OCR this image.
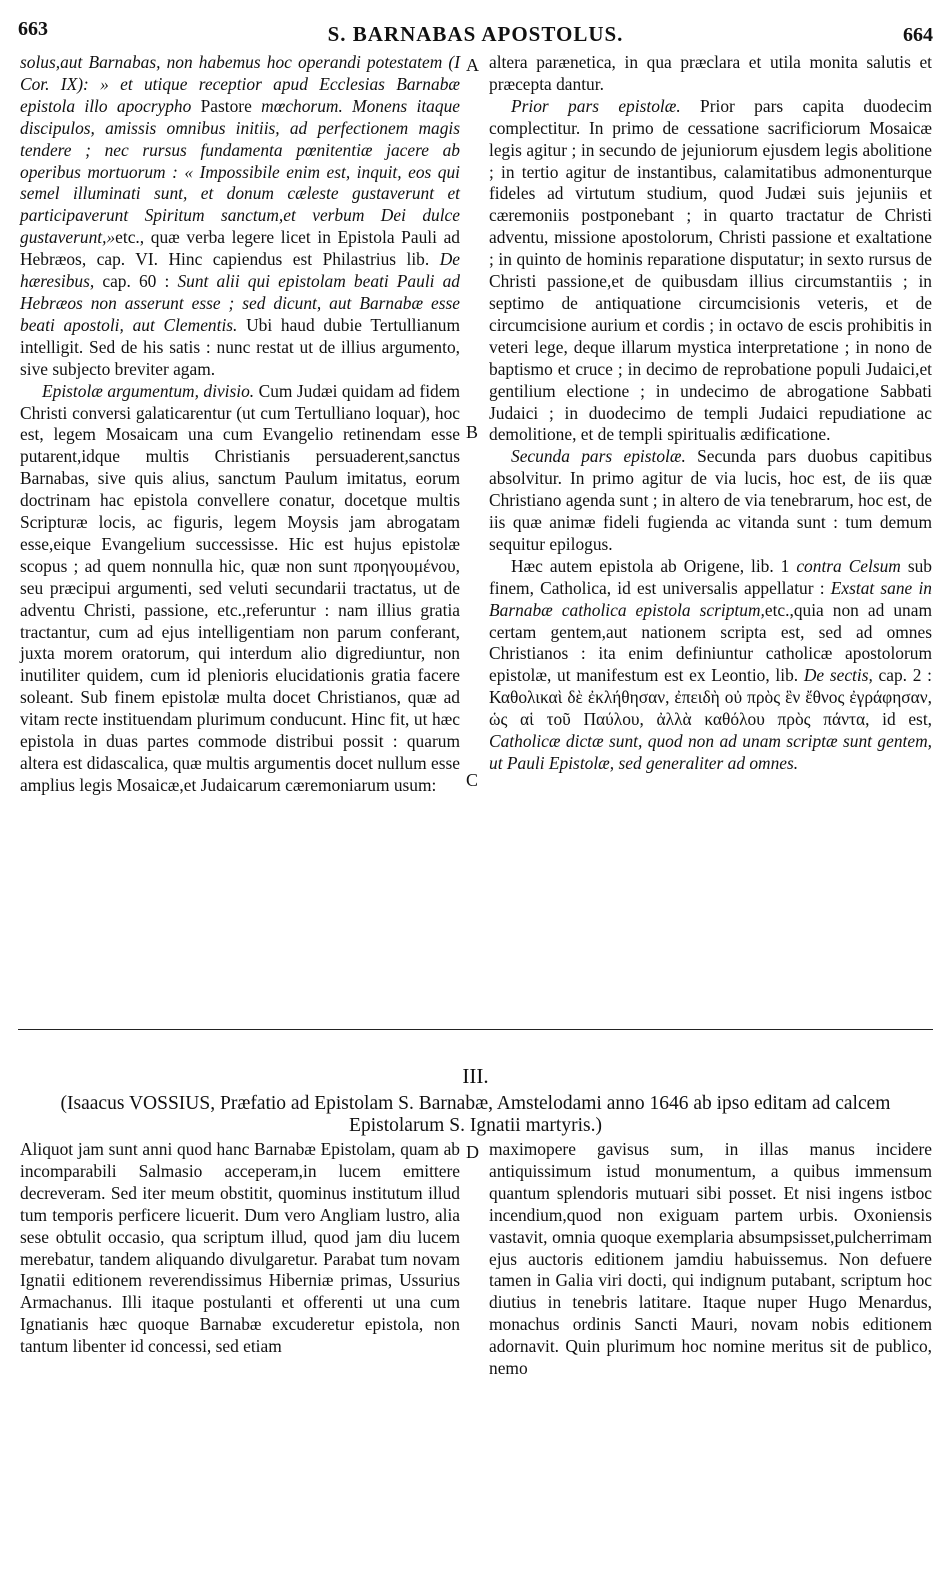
663	S. BARNABAS APOSTOLUS.	664

solus,aut Barnabas, non habemus hoc operandi potestatem (I Cor. IX): » et utique receptior apud Ecclesias Barnabæ epistola illo apocrypho Pastore mœchorum. Monens itaque discipulos, amissis omnibus initiis, ad perfectionem magis tendere ; nec rursus fundamenta pœnitentiæ jacere ab operibus mortuorum : « Impossibile enim est, inquit, eos qui semel illuminati sunt, et donum cæleste gustaverunt et participaverunt Spiritum sanctum,et verbum Dei dulce gustaverunt,»etc., quæ verba legere licet in Epistola Pauli ad Hebræos, cap. VI. Hinc capiendus est Philastrius lib. De hæresibus, cap. 60 : Sunt alii qui epistolam beati Pauli ad Hebræos non asserunt esse ; sed dicunt, aut Barnabæ esse beati apostoli, aut Clementis. Ubi haud dubie Tertullianum intelligit. Sed de his satis : nunc restat ut de illius argumento, sive subjecto breviter agam.

Epistolæ argumentum, divisio. Cum Judæi quidam ad fidem Christi conversi galaticarentur (ut cum Tertulliano loquar), hoc est, legem Mosaicam una cum Evangelio retinendam esse putarent,idque multis Christianis persuaderent,sanctus Barnabas, sive quis alius, sanctum Paulum imitatus, eorum doctrinam hac epistola convellere conatur, docetque multis Scripturæ locis, ac figuris, legem Moysis jam abrogatam esse,eique Evangelium successisse. Hic est hujus epistolæ scopus ; ad quem nonnulla hic, quæ non sunt προηγουμένου, seu præcipui argumenti, sed veluti secundarii tractatus, ut de adventu Christi, passione, etc.,referuntur : nam illius gratia tractantur, cum ad ejus intelligentiam non parum conferant, juxta morem oratorum, qui interdum alio digrediuntur, non inutiliter quidem, cum id plenioris elucidationis gratia facere soleant. Sub finem epistolæ multa docet Christianos, quæ ad vitam recte instituendam plurimum conducunt. Hinc fit, ut hæc epistola in duas partes commode distribui possit : quarum altera est didascalica, quæ multis argumentis docet nullum esse amplius legis Mosaicæ,et Judaicarum cæremoniarum usum:

altera parænetica, in qua præclara et utila monita salutis et præcepta dantur.

Prior pars epistolæ. Prior pars capita duodecim complectitur. In primo de cessatione sacrificiorum Mosaicæ legis agitur ; in secundo de jejuniorum ejusdem legis abolitione ; in tertio agitur de instantibus, calamitatibus admonenturque fideles ad virtutum studium, quod Judæi suis jejuniis et cæremoniis postponebant ; in quarto tractatur de Christi adventu, missione apostolorum, Christi passione et exaltatione ; in quinto de hominis reparatione disputatur; in sexto rursus de Christi passione,et de quibusdam illius circumstantiis ; in septimo de antiquatione circumcisionis veteris, et de circumcisione aurium et cordis ; in octavo de escis prohibitis in veteri lege, deque illarum mystica interpretatione ; in nono de baptismo et cruce ; in decimo de reprobatione populi Judaici,et gentilium electione ; in undecimo de abrogatione Sabbati Judaici ; in duodecimo de templi Judaici repudiatione ac demolitione, et de templi spiritualis ædificatione.

Secunda pars epistolæ. Secunda pars duobus capitibus absolvitur. In primo agitur de via lucis, hoc est, de iis quæ Christiano agenda sunt ; in altero de via tenebrarum, hoc est, de iis quæ animæ fideli fugienda ac vitanda sunt : tum demum sequitur epilogus.

Hæc autem epistola ab Origene, lib. 1 contra Celsum sub finem, Catholica, id est universalis appellatur : Exstat sane in Barnabæ catholica epistola scriptum,etc.,quia non ad unam certam gentem,aut nationem scripta est, sed ad omnes Christianos : ita enim definiuntur catholicæ apostolorum epistolæ, ut manifestum est ex Leontio, lib. De sectis, cap. 2 : Καθολικαὶ δὲ ἐκλήθησαν, ἐπειδὴ οὐ πρὸς ἓν ἔθνος ἐγράφησαν, ὡς αἱ τοῦ Παύλου, ἀλλὰ καθόλου πρὸς πάντα, id est, Catholicæ dictæ sunt, quod non ad unam scriptæ sunt gentem, ut Pauli Epistolæ, sed generaliter ad omnes.

A
B
C
III.
(Isaacus VOSSIUS, Præfatio ad Epistolam S. Barnabæ, Amstelodami anno 1646 ab ipso editam ad calcem Epistolarum S. Ignatii martyris.)

Aliquot jam sunt anni quod hanc Barnabæ Epistolam, quam ab incomparabili Salmasio acceperam,in lucem emittere decreveram. Sed iter meum obstitit, quominus institutum illud tum temporis perficere licuerit. Dum vero Angliam lustro, alia sese obtulit occasio, qua scriptum illud, quod jam diu lucem merebatur, tandem aliquando divulgaretur. Parabat tum novam Ignatii editionem reverendissimus Hiberniæ primas, Ussurius Armachanus. Illi itaque postulanti et offerenti ut una cum Ignatianis hæc quoque Barnabæ excuderetur epistola, non tantum libenter id concessi, sed etiam

maximopere gavisus sum, in illas manus incidere antiquissimum istud monumentum, a quibus immensum quantum splendoris mutuari sibi posset. Et nisi ingens istboc incendium,quod non exiguam partem urbis. Oxoniensis vastavit, omnia quoque exemplaria absumpsisset,pulcherrimam ejus auctoris editionem jamdiu habuissemus. Non defuere tamen in Galia viri docti, qui indignum putabant, scriptum hoc diutius in tenebris latitare. Itaque nuper Hugo Menardus, monachus ordinis Sancti Mauri, novam nobis editionem adornavit. Quin plurimum hoc nomine meritus sit de publico, nemo

D
